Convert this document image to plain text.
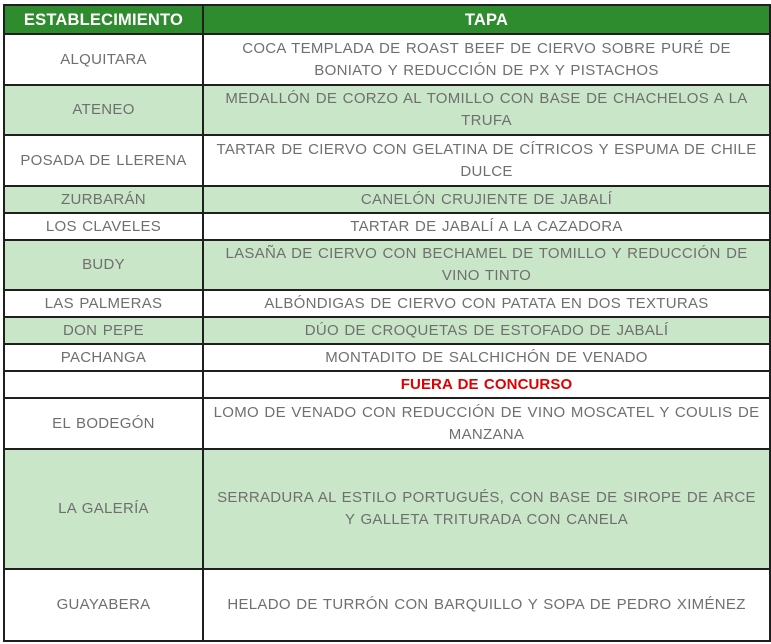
ESTABLECIMIENTO	TAPA
ALQUITARA	COCA TEMPLADA DE ROAST BEEF DE CIERVO SOBRE PURÉ DE BONIATO Y REDUCCIÓN DE PX Y PISTACHOS
ATENEO	MEDALLÓN DE CORZO AL TOMILLO CON BASE DE CHACHELOS A LA TRUFA
POSADA DE LLERENA	TARTAR DE CIERVO CON GELATINA DE CÍTRICOS Y ESPUMA DE CHILE DULCE
ZURBARÁN	CANELÓN CRUJIENTE DE JABALÍ
LOS CLAVELES	TARTAR DE JABALÍ A LA CAZADORA
BUDY	LASAÑA DE CIERVO CON BECHAMEL DE TOMILLO Y REDUCCIÓN DE VINO TINTO
LAS PALMERAS	ALBÓNDIGAS DE CIERVO CON PATATA EN DOS TEXTURAS
DON PEPE	DÚO DE CROQUETAS DE ESTOFADO DE JABALÍ
PACHANGA	MONTADITO DE SALCHICHÓN DE VENADO
	FUERA DE CONCURSO
EL BODEGÓN	LOMO DE VENADO CON REDUCCIÓN DE VINO MOSCATEL Y COULIS DE MANZANA
LA GALERÍA	SERRADURA AL ESTILO PORTUGUÉS, CON BASE DE SIROPE DE ARCE Y GALLETA TRITURADA CON CANELA
GUAYABERA	HELADO DE TURRÓN CON BARQUILLO Y SOPA DE PEDRO XIMÉNEZ
